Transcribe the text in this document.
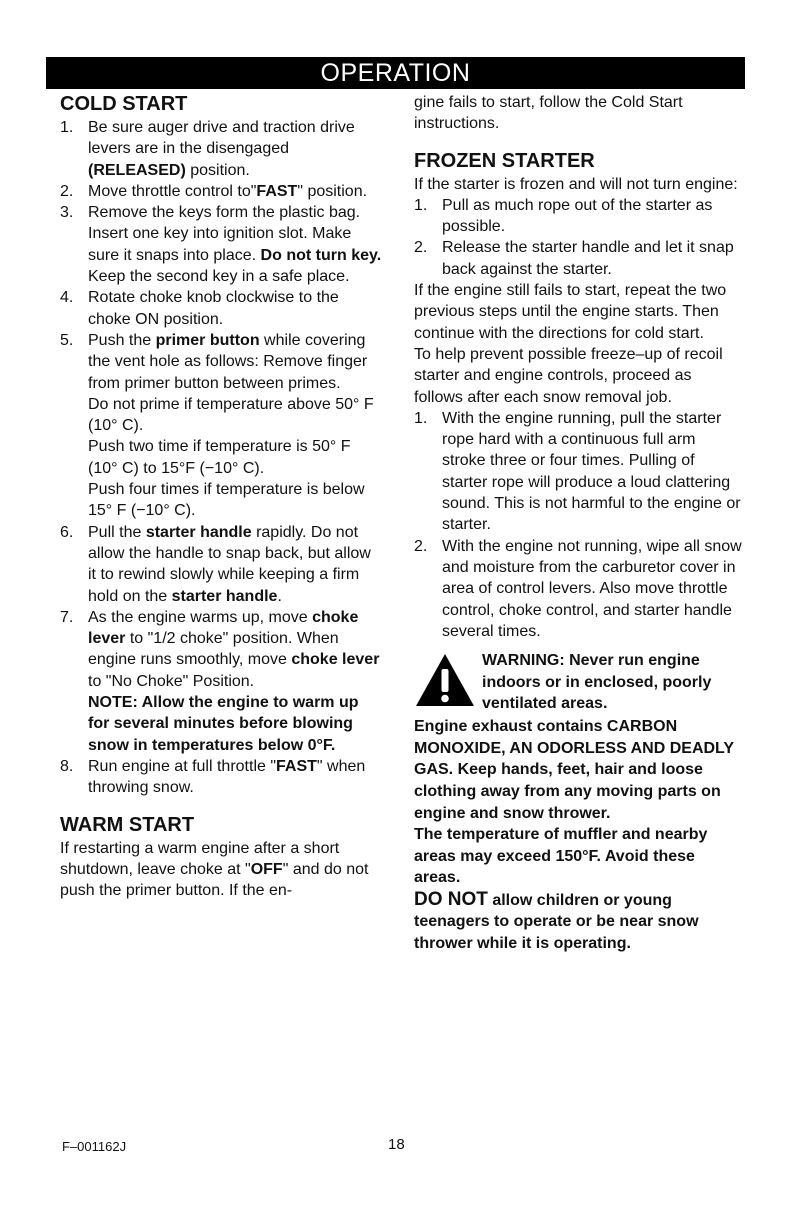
OPERATION
COLD START
1. Be sure auger drive and traction drive levers are in the disengaged (RELEASED) position.
2. Move throttle control to"FAST" position.
3. Remove the keys form the plastic bag. Insert one key into ignition slot. Make sure it snaps into place. Do not turn key. Keep the second key in a safe place.
4. Rotate choke knob clockwise to the choke ON position.
5. Push the primer button while covering the vent hole as follows: Remove finger from primer button between primes.
Do not prime if temperature above 50° F (10° C).
Push two time if temperature is 50° F (10° C) to 15°F (−10° C).
Push four times if temperature is below 15° F (−10° C).
6. Pull the starter handle rapidly. Do not allow the handle to snap back, but allow it to rewind slowly while keeping a firm hold on the starter handle.
7. As the engine warms up, move choke lever to "1/2 choke" position. When engine runs smoothly, move choke lever to "No Choke" Position.
NOTE: Allow the engine to warm up for several minutes before blowing snow in temperatures below 0°F.
8. Run engine at full throttle "FAST" when throwing snow.
WARM START

If restarting a warm engine after a short shutdown, leave choke at "OFF" and do not push the primer button. If the en-

gine fails to start, follow the Cold Start instructions.

FROZEN STARTER

If the starter is frozen and will not turn engine:

1. Pull as much rope out of the starter as possible.
2. Release the starter handle and let it snap back against the starter.

If the engine still fails to start, repeat the two previous steps until the engine starts. Then continue with the directions for cold start.

To help prevent possible freeze–up of recoil starter and engine controls, proceed as follows after each snow removal job.

1. With the engine running, pull the starter rope hard with a continuous full arm stroke three or four times. Pulling of starter rope will produce a loud clattering sound. This is not harmful to the engine or starter.
2. With the engine not running, wipe all snow and moisture from the carburetor cover in area of control levers. Also move throttle control, choke control, and starter handle several times.
WARNING: Never run engine indoors or in enclosed, poorly ventilated areas.

Engine exhaust contains CARBON MONOXIDE, AN ODORLESS AND DEADLY GAS. Keep hands, feet, hair and loose clothing away from any moving parts on engine and snow thrower.

The temperature of muffler and nearby areas may exceed 150°F. Avoid these areas.

DO NOT allow children or young teenagers to operate or be near snow thrower while it is operating.

F–001162J	18
